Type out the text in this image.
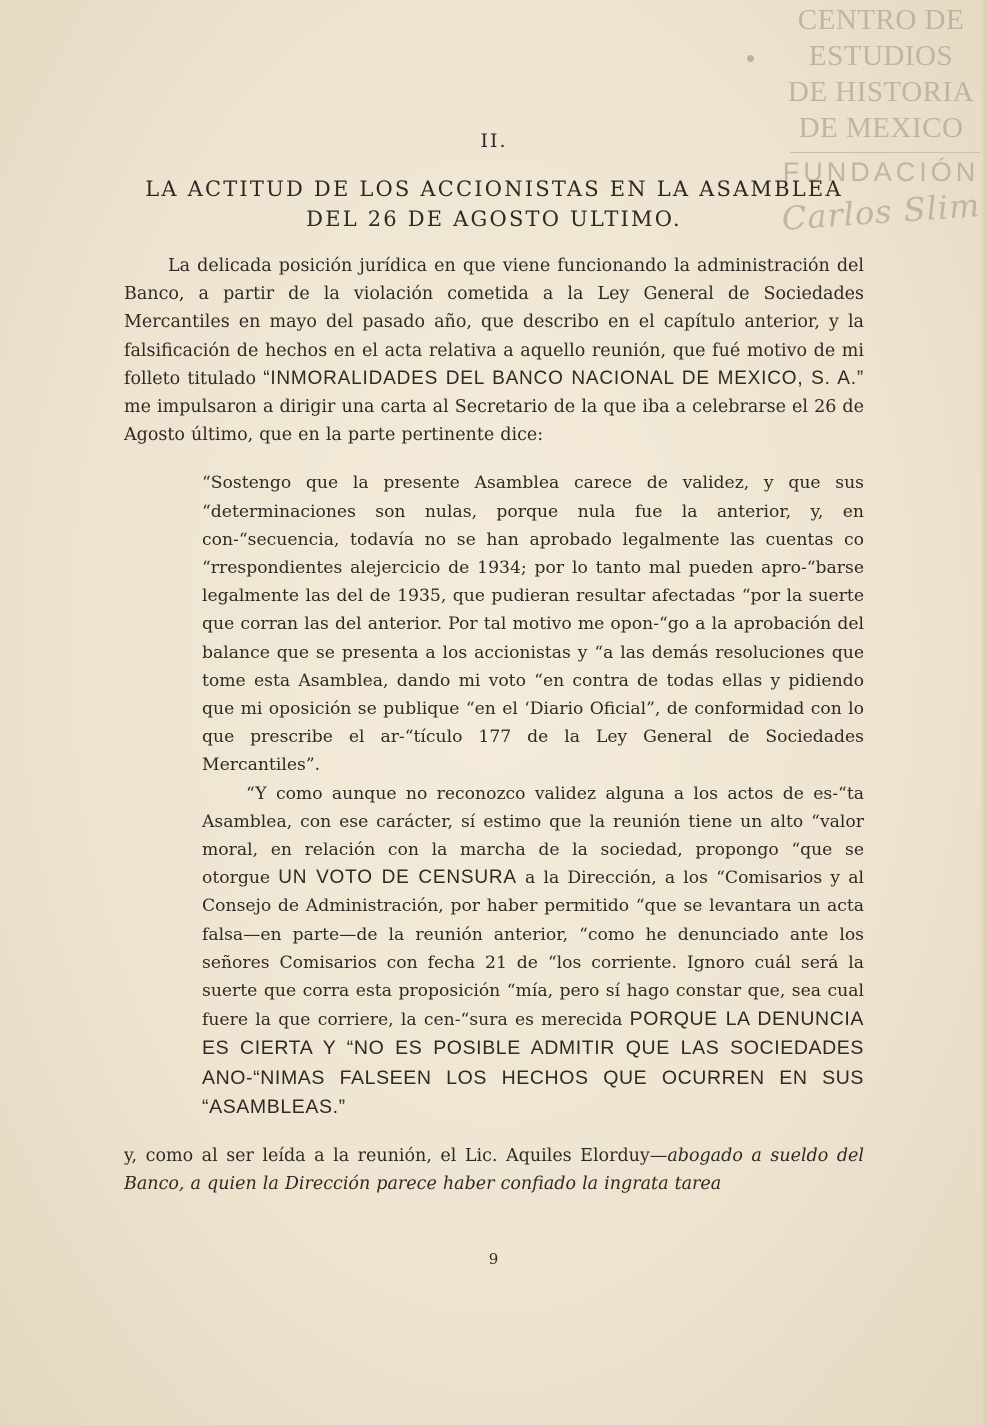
CENTRO DE
ESTUDIOS
DE HISTORIA
DE MEXICO
FUNDACIÓN
Carlos Slim
II.
LA ACTITUD DE LOS ACCIONISTAS EN LA ASAMBLEA
DEL 26 DE AGOSTO ULTIMO.

La delicada posición jurídica en que viene funcionando la administración del Banco, a partir de la violación cometida a la Ley General de Sociedades Mercantiles en mayo del pasado año, que describo en el capítulo anterior, y la falsificación de hechos en el acta relativa a aquello reunión, que fué motivo de mi folleto titulado “INMORALIDADES DEL BANCO NACIONAL DE MEXICO, S. A.” me impulsaron a dirigir una carta al Secretario de la que iba a celebrarse el 26 de Agosto último, que en la parte pertinente dice:

“Sostengo que la presente Asamblea carece de validez, y que sus “determinaciones son nulas, porque nula fue la anterior, y, en con-“secuencia, todavía no se han aprobado legalmente las cuentas co “rrespondientes alejercicio de 1934; por lo tanto mal pueden apro-“barse legalmente las del de 1935, que pudieran resultar afectadas “por la suerte que corran las del anterior. Por tal motivo me opon-“go a la aprobación del balance que se presenta a los accionistas y “a las demás resoluciones que tome esta Asamblea, dando mi voto “en contra de todas ellas y pidiendo que mi oposición se publique “en el ‘Diario Oficial”, de conformidad con lo que prescribe el ar-“tículo 177 de la Ley General de Sociedades Mercantiles”.

“Y como aunque no reconozco validez alguna a los actos de es-“ta Asamblea, con ese carácter, sí estimo que la reunión tiene un alto “valor moral, en relación con la marcha de la sociedad, propongo “que se otorgue UN VOTO DE CENSURA a la Dirección, a los “Comisarios y al Consejo de Administración, por haber permitido “que se levantara un acta falsa—en parte—de la reunión anterior, “como he denunciado ante los señores Comisarios con fecha 21 de “los corriente. Ignoro cuál será la suerte que corra esta proposición “mía, pero sí hago constar que, sea cual fuere la que corriere, la cen-“sura es merecida PORQUE LA DENUNCIA ES CIERTA Y “NO ES POSIBLE ADMITIR QUE LAS SOCIEDADES ANO-“NIMAS FALSEEN LOS HECHOS QUE OCURREN EN SUS “ASAMBLEAS.”

y, como al ser leída a la reunión, el Lic. Aquiles Elorduy—abogado a sueldo del Banco, a quien la Dirección parece haber confiado la ingrata tarea

9
